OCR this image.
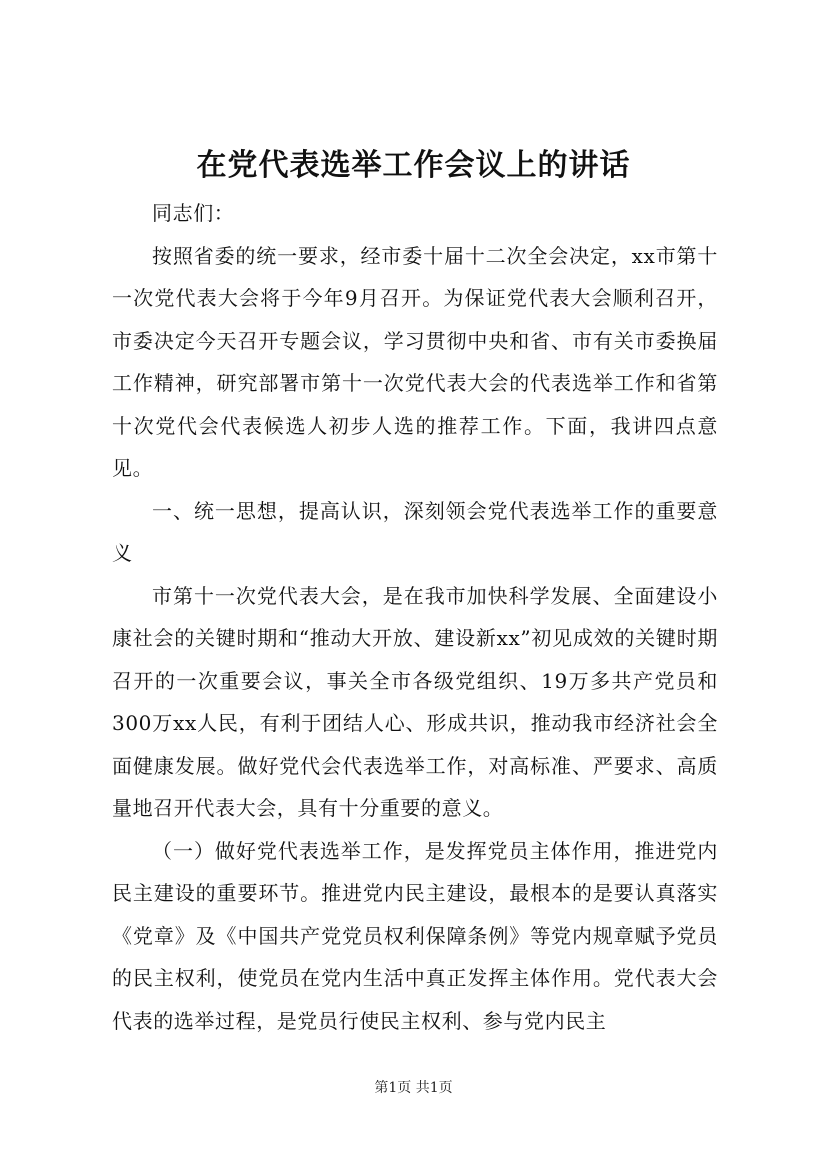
在党代表选举工作会议上的讲话

同志们：

按照省委的统一要求，经市委十届十二次全会决定，xx市第十一次党代表大会将于今年9月召开。为保证党代表大会顺利召开，市委决定今天召开专题会议，学习贯彻中央和省、市有关市委换届工作精神，研究部署市第十一次党代表大会的代表选举工作和省第十次党代会代表候选人初步人选的推荐工作。下面，我讲四点意见。

一、统一思想，提高认识，深刻领会党代表选举工作的重要意义

市第十一次党代表大会，是在我市加快科学发展、全面建设小康社会的关键时期和“推动大开放、建设新xx”初见成效的关键时期召开的一次重要会议，事关全市各级党组织、19万多共产党员和300万xx人民，有利于团结人心、形成共识，推动我市经济社会全面健康发展。做好党代会代表选举工作，对高标准、严要求、高质量地召开代表大会，具有十分重要的意义。

（一）做好党代表选举工作，是发挥党员主体作用，推进党内民主建设的重要环节。推进党内民主建设，最根本的是要认真落实《党章》及《中国共产党党员权利保障条例》等党内规章赋予党员的民主权利，使党员在党内生活中真正发挥主体作用。党代表大会代表的选举过程，是党员行使民主权利、参与党内民主

第1页 共1页
